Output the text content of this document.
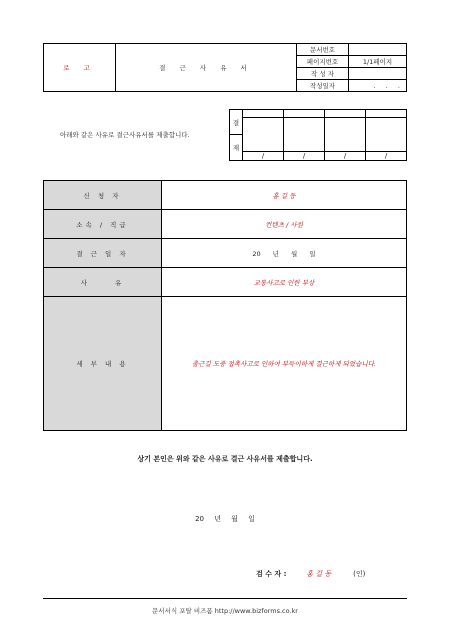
로 고	결 근 사 유 서	문서번호	
		페이지번호	1/1페이지
		작 성 자	
		작성일자	. . .
아래와 같은 사유로 결근사유서를 제출합니다.
결				

재				
	/	/	/	/
신 청 자	홍 길 동
소속 / 직급	컨텐츠 / 사원
결 근 일 자	20 년 월 일
사 유	교통사고로 인한 부상
세 부 내 용	출근길 도중 접촉사고로 인하여 부득이하게 결근하게 되었습니다.
상기 본인은 위와 같은 사유로 결근 사유서를 제출합니다.
20 년 월 일
검 수 자 :	홍 길 동	(인)
문서서식 포탈 비즈폼 http://www.bizforms.co.kr
